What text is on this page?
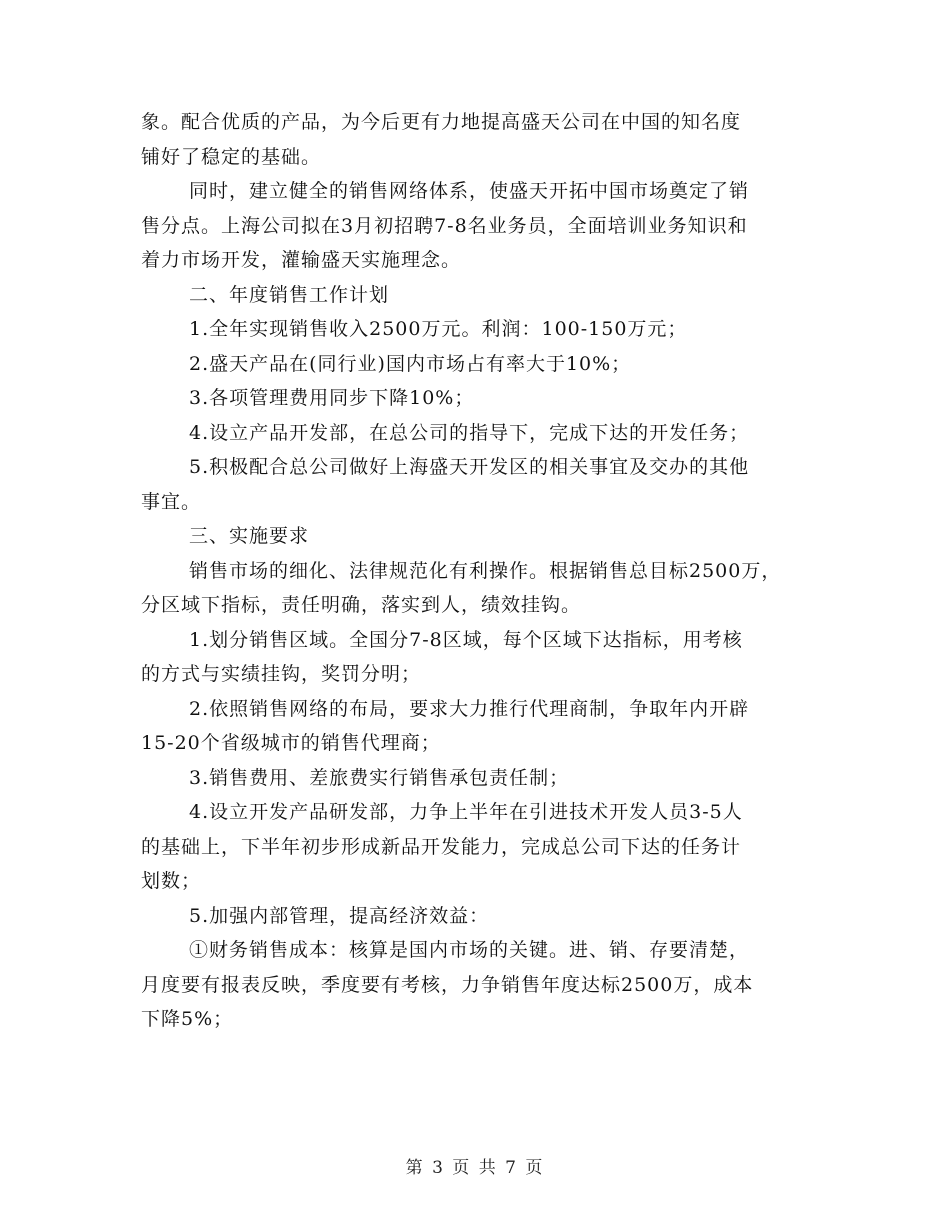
象。配合优质的产品，为今后更有力地提高盛天公司在中国的知名度
铺好了稳定的基础。

同时，建立健全的销售网络体系，使盛天开拓中国市场奠定了销
售分点。上海公司拟在3月初招聘7-8名业务员，全面培训业务知识和
着力市场开发，灌输盛天实施理念。

二、年度销售工作计划

1.全年实现销售收入2500万元。利润：100-150万元；

2.盛天产品在(同行业)国内市场占有率大于10%；

3.各项管理费用同步下降10%；

4.设立产品开发部，在总公司的指导下，完成下达的开发任务；

5.积极配合总公司做好上海盛天开发区的相关事宜及交办的其他
事宜。

三、实施要求

销售市场的细化、法律规范化有利操作。根据销售总目标2500万，
分区域下指标，责任明确，落实到人，绩效挂钩。

1.划分销售区域。全国分7-8区域，每个区域下达指标，用考核
的方式与实绩挂钩，奖罚分明；

2.依照销售网络的布局，要求大力推行代理商制，争取年内开辟
15-20个省级城市的销售代理商；

3.销售费用、差旅费实行销售承包责任制；

4.设立开发产品研发部，力争上半年在引进技术开发人员3-5人
的基础上，下半年初步形成新品开发能力，完成总公司下达的任务计
划数；

5.加强内部管理，提高经济效益：

①财务销售成本：核算是国内市场的关键。进、销、存要清楚，
月度要有报表反映，季度要有考核，力争销售年度达标2500万，成本
下降5%；

第 3 页 共 7 页
